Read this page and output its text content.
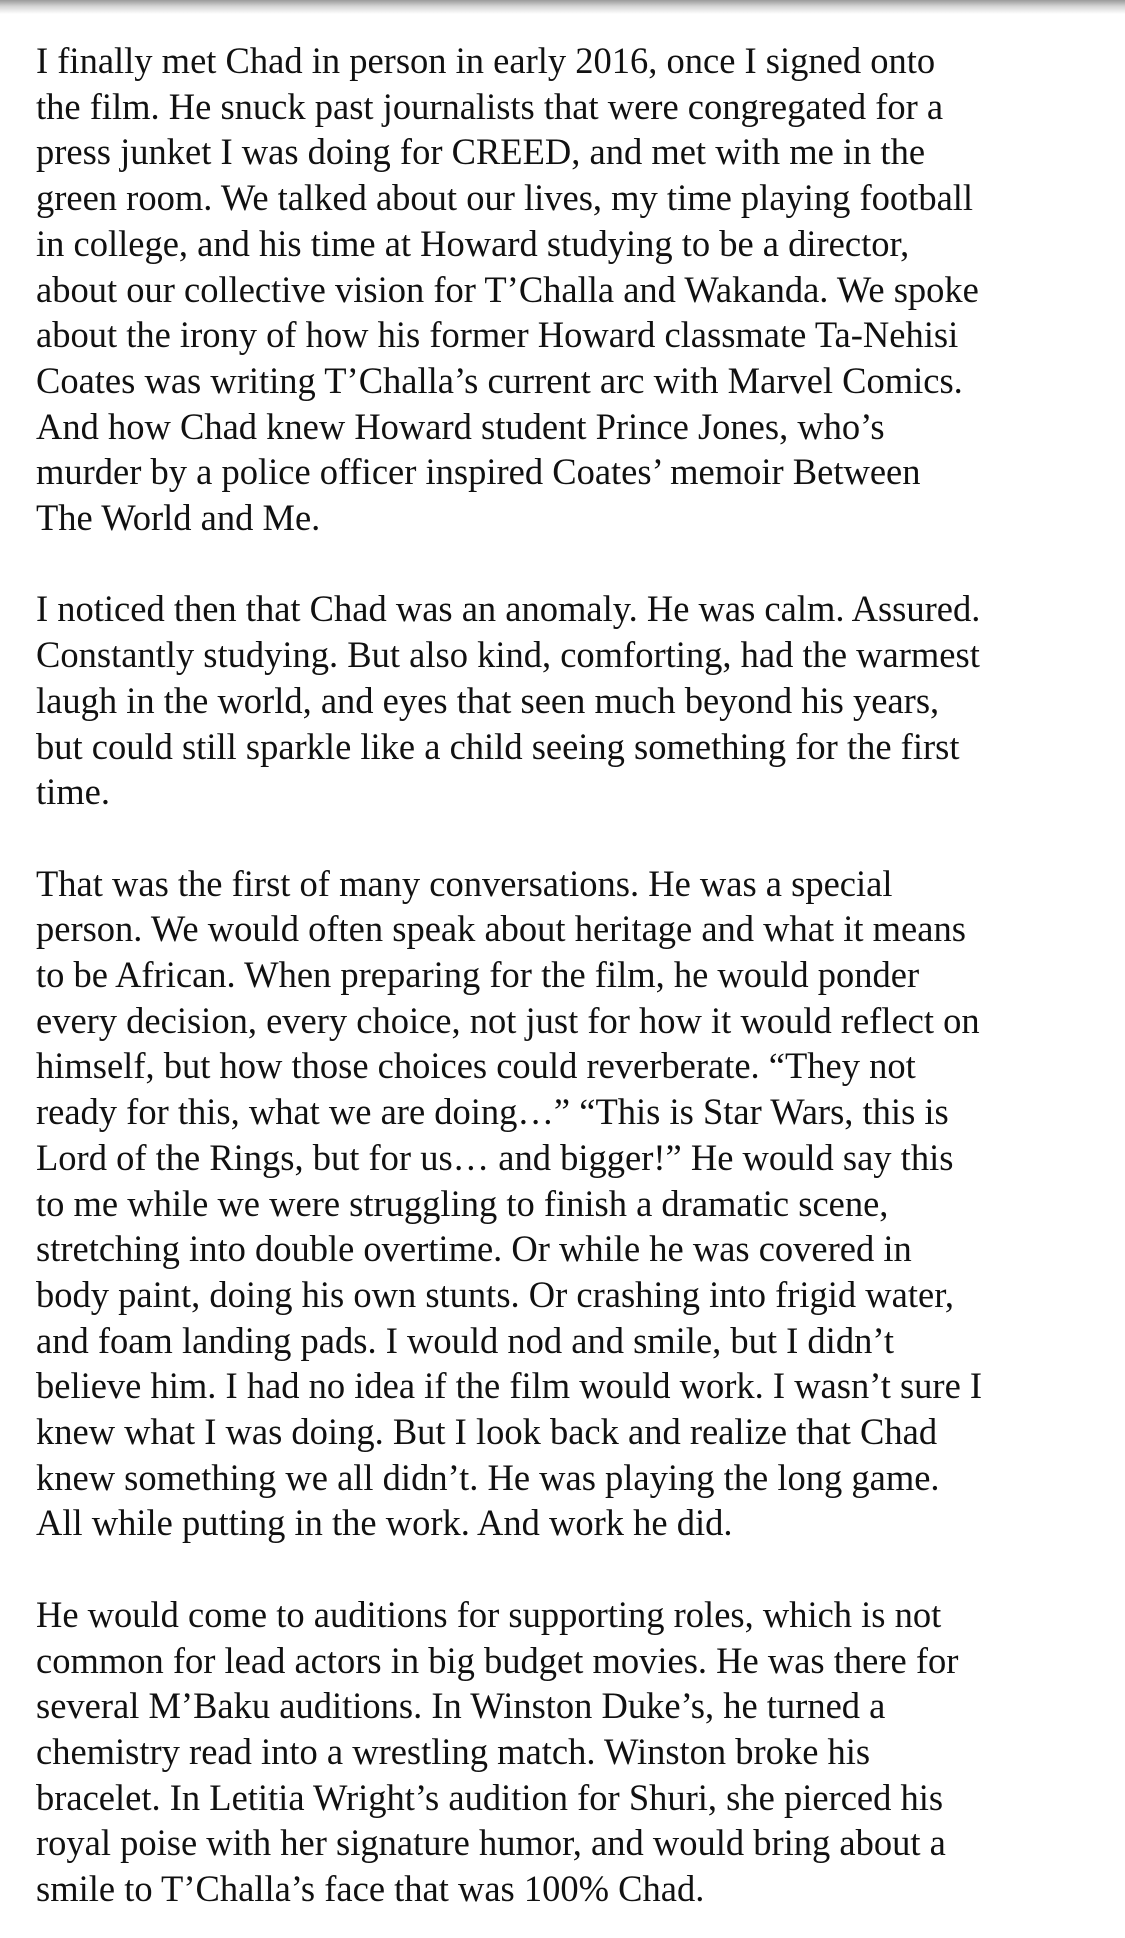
I finally met Chad in person in early 2016, once I signed onto
the film. He snuck past journalists that were congregated for a
press junket I was doing for CREED, and met with me in the
green room. We talked about our lives, my time playing football
in college, and his time at Howard studying to be a director,
about our collective vision for T’Challa and Wakanda. We spoke
about the irony of how his former Howard classmate Ta-Nehisi
Coates was writing T’Challa’s current arc with Marvel Comics.
And how Chad knew Howard student Prince Jones, who’s
murder by a police officer inspired Coates’ memoir Between
The World and Me.

I noticed then that Chad was an anomaly. He was calm. Assured.
Constantly studying. But also kind, comforting, had the warmest
laugh in the world, and eyes that seen much beyond his years,
but could still sparkle like a child seeing something for the first
time.

That was the first of many conversations. He was a special
person. We would often speak about heritage and what it means
to be African. When preparing for the film, he would ponder
every decision, every choice, not just for how it would reflect on
himself, but how those choices could reverberate. “They not
ready for this, what we are doing…” “This is Star Wars, this is
Lord of the Rings, but for us… and bigger!” He would say this
to me while we were struggling to finish a dramatic scene,
stretching into double overtime. Or while he was covered in
body paint, doing his own stunts. Or crashing into frigid water,
and foam landing pads. I would nod and smile, but I didn’t
believe him. I had no idea if the film would work. I wasn’t sure I
knew what I was doing. But I look back and realize that Chad
knew something we all didn’t. He was playing the long game.
All while putting in the work. And work he did.

He would come to auditions for supporting roles, which is not
common for lead actors in big budget movies. He was there for
several M’Baku auditions. In Winston Duke’s, he turned a
chemistry read into a wrestling match. Winston broke his
bracelet. In Letitia Wright’s audition for Shuri, she pierced his
royal poise with her signature humor, and would bring about a
smile to T’Challa’s face that was 100% Chad.
